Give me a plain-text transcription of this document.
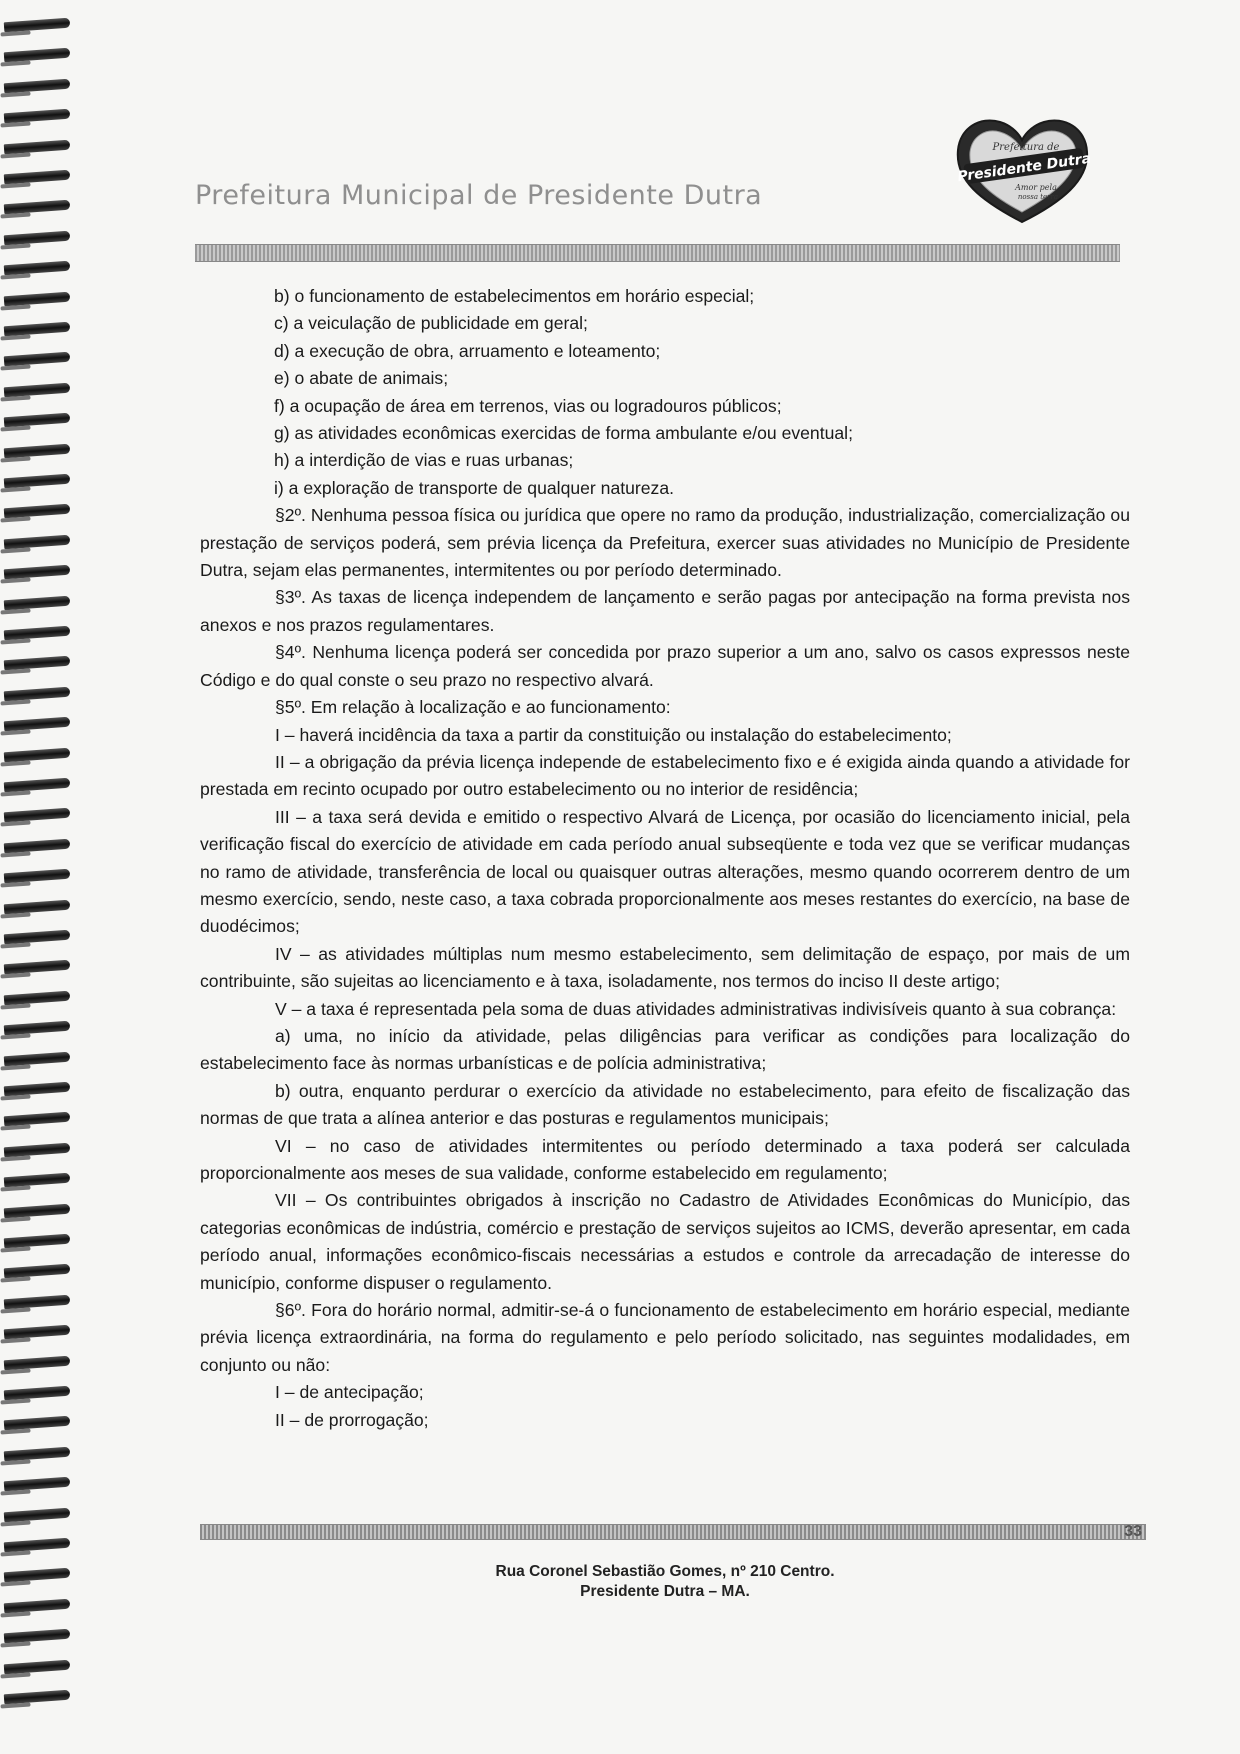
Prefeitura Municipal de Presidente Dutra
Prefeitura de
Presidente Dutra
Amor pela
nossa terra

b) o funcionamento de estabelecimentos em horário especial;

c) a veiculação de publicidade em geral;

d) a execução de obra, arruamento e loteamento;

e) o abate de animais;

f) a ocupação de área em terrenos, vias ou logradouros públicos;

g) as atividades econômicas exercidas de forma ambulante e/ou eventual;

h) a interdição de vias e ruas urbanas;

i) a exploração de transporte de qualquer natureza.

§2º. Nenhuma pessoa física ou jurídica que opere no ramo da produção, industrialização, comercialização ou prestação de serviços poderá, sem prévia licença da Prefeitura, exercer suas atividades no Município de Presidente Dutra, sejam elas permanentes, intermitentes ou por período determinado.

§3º. As taxas de licença independem de lançamento e serão pagas por antecipação na forma prevista nos anexos e nos prazos regulamentares.

§4º. Nenhuma licença poderá ser concedida por prazo superior a um ano, salvo os casos expressos neste Código e do qual conste o seu prazo no respectivo alvará.

§5º. Em relação à localização e ao funcionamento:

I – haverá incidência da taxa a partir da constituição ou instalação do estabelecimento;

II – a obrigação da prévia licença independe de estabelecimento fixo e é exigida ainda quando a atividade for prestada em recinto ocupado por outro estabelecimento ou no interior de residência;

III – a taxa será devida e emitido o respectivo Alvará de Licença, por ocasião do licenciamento inicial, pela verificação fiscal do exercício de atividade em cada período anual subseqüente e toda vez que se verificar mudanças no ramo de atividade, transferência de local ou quaisquer outras alterações, mesmo quando ocorrerem dentro de um mesmo exercício, sendo, neste caso, a taxa cobrada proporcionalmente aos meses restantes do exercício, na base de duodécimos;

IV – as atividades múltiplas num mesmo estabelecimento, sem delimitação de espaço, por mais de um contribuinte, são sujeitas ao licenciamento e à taxa, isoladamente, nos termos do inciso II deste artigo;

V – a taxa é representada pela soma de duas atividades administrativas indivisíveis quanto à sua cobrança:

a) uma, no início da atividade, pelas diligências para verificar as condições para localização do estabelecimento face às normas urbanísticas e de polícia administrativa;

b) outra, enquanto perdurar o exercício da atividade no estabelecimento, para efeito de fiscalização das normas de que trata a alínea anterior e das posturas e regulamentos municipais;

VI – no caso de atividades intermitentes ou período determinado a taxa poderá ser calculada proporcionalmente aos meses de sua validade, conforme estabelecido em regulamento;

VII – Os contribuintes obrigados à inscrição no Cadastro de Atividades Econômicas do Município, das categorias econômicas de indústria, comércio e prestação de serviços sujeitos ao ICMS, deverão apresentar, em cada período anual, informações econômico-fiscais necessárias a estudos e controle da arrecadação de interesse do município, conforme dispuser o regulamento.

§6º. Fora do horário normal, admitir-se-á o funcionamento de estabelecimento em horário especial, mediante prévia licença extraordinária, na forma do regulamento e pelo período solicitado, nas seguintes modalidades, em conjunto ou não:

I – de antecipação;

II – de prorrogação;

33
Rua Coronel Sebastião Gomes, nº 210 Centro.
Presidente Dutra – MA.
